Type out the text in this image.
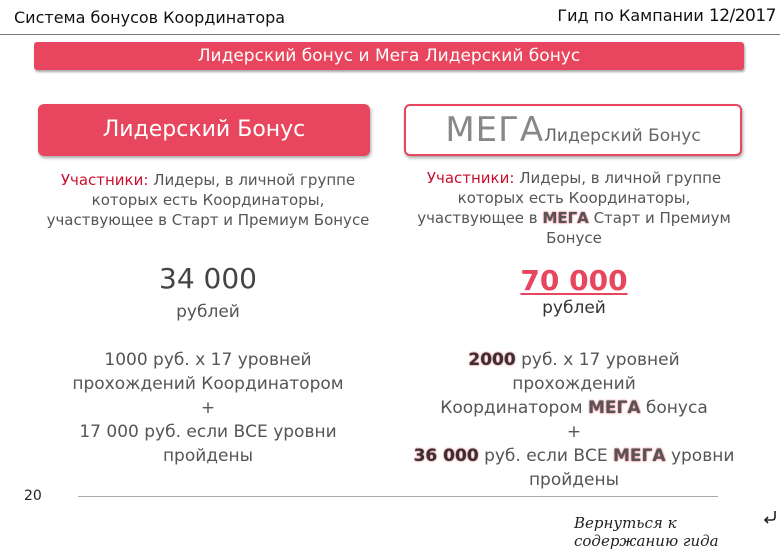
Система бонусов Координатора	Гид по Кампании 12/2017
Лидерский бонус и Мега Лидерский бонус
Лидерский Бонус	МЕГАЛидерский Бонус
Участники: Лидеры, в личной группе которых есть Координаторы, участвующее в Старт и Премиум Бонусе
34 000
рублей
1000 руб. х 17 уровней
прохождений Координатором
+
17 000 руб. если ВСЕ уровни
пройдены
Участники: Лидеры, в личной группе которых есть Координаторы, участвующее в МЕГА Старт и Премиум Бонусе
70 000
рублей
2000 руб. х 17 уровней прохождений
Координатором МЕГА бонуса
+
36 000 руб. если ВСЕ МЕГА уровни
пройдены
20
Вернуться к содержанию гида
